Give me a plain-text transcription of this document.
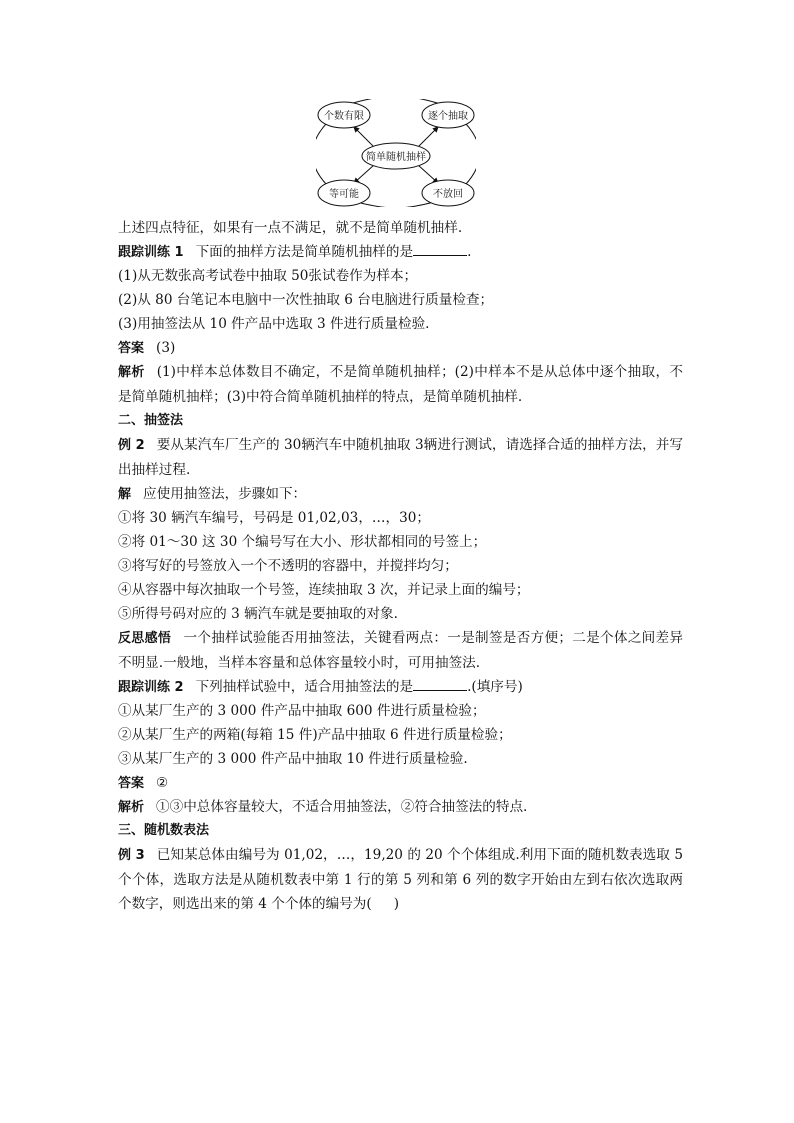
个数有限	逐个抽取
简单随机抽样
等可能	不放回
上述四点特征，如果有一点不满足，就不是简单随机抽样.
跟踪训练 1 下面的抽样方法是简单随机抽样的是	.
(1)从无数张高考试卷中抽取 50张试卷作为样本；
(2)从 80 台笔记本电脑中一次性抽取 6 台电脑进行质量检查；
(3)用抽签法从 10 件产品中选取 3 件进行质量检验.
答案 (3)
解析 (1)中样本总体数目不确定，不是简单随机抽样；(2)中样本不是从总体中逐个抽取，不是简单随机抽样；(3)中符合简单随机抽样的特点，是简单随机抽样.
二、抽签法
例 2 要从某汽车厂生产的 30辆汽车中随机抽取 3辆进行测试，请选择合适的抽样方法，并写出抽样过程.
解 应使用抽签法，步骤如下：
①将 30 辆汽车编号，号码是 01,02,03，…，30；
②将 01～30 这 30 个编号写在大小、形状都相同的号签上；
③将写好的号签放入一个不透明的容器中，并搅拌均匀；
④从容器中每次抽取一个号签，连续抽取 3 次，并记录上面的编号；
⑤所得号码对应的 3 辆汽车就是要抽取的对象.
反思感悟 一个抽样试验能否用抽签法，关键看两点：一是制签是否方便；二是个体之间差异不明显.一般地，当样本容量和总体容量较小时，可用抽签法.
跟踪训练 2 下列抽样试验中，适合用抽签法的是	.(填序号)
①从某厂生产的 3 000 件产品中抽取 600 件进行质量检验；
②从某厂生产的两箱(每箱 15 件)产品中抽取 6 件进行质量检验；
③从某厂生产的 3 000 件产品中抽取 10 件进行质量检验.
答案 ②
解析 ①③中总体容量较大，不适合用抽签法，②符合抽签法的特点.
三、随机数表法
例 3 已知某总体由编号为 01,02，…，19,20 的 20 个个体组成.利用下面的随机数表选取 5 个个体，选取方法是从随机数表中第 1 行的第 5 列和第 6 列的数字开始由左到右依次选取两个数字，则选出来的第 4 个个体的编号为( )
